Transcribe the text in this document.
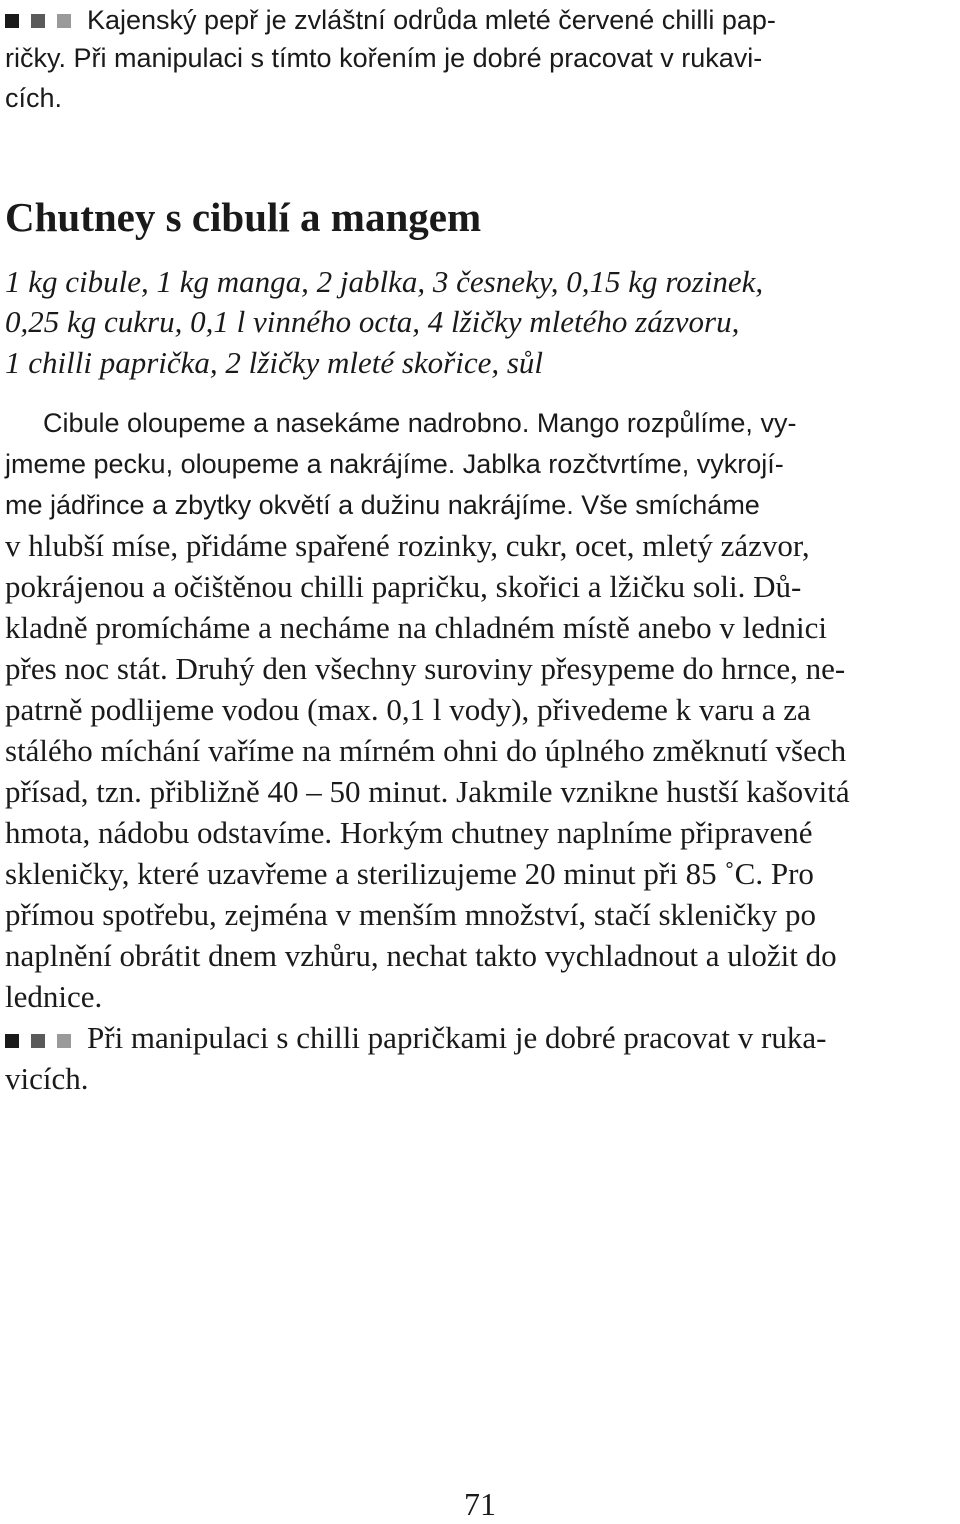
Kajenský pepř je zvláštní odrůda mleté červené chilli pap-
ričky. Při manipulaci s tímto kořením je dobré pracovat v rukavi-
cích.
Chutney s cibulí a mangem
1 kg cibule, 1 kg manga, 2 jablka, 3 česneky, 0,15 kg rozinek,
0,25 kg cukru, 0,1 l vinného octa, 4 lžičky mletého zázvoru,
1 chilli paprička, 2 lžičky mleté skořice, sůl
Cibule oloupeme a nasekáme nadrobno. Mango rozpůlíme, vy-
jmeme pecku, oloupeme a nakrájíme. Jablka rozčtvrtíme, vykrojí-
me jádřince a zbytky okvětí a dužinu nakrájíme. Vše smícháme
v hlubší míse, přidáme spařené rozinky, cukr, ocet, mletý zázvor,
pokrájenou a očištěnou chilli papričku, skořici a lžičku soli. Dů-
kladně promícháme a necháme na chladném místě anebo v lednici
přes noc stát. Druhý den všechny suroviny přesypeme do hrnce, ne-
patrně podlijeme vodou (max. 0,1 l vody), přivedeme k varu a za
stálého míchání vaříme na mírném ohni do úplného změknutí všech
přísad, tzn. přibližně 40 – 50 minut. Jakmile vznikne hustší kašovitá
hmota, nádobu odstavíme. Horkým chutney naplníme připravené
skleničky, které uzavřeme a sterilizujeme 20 minut při 85 ˚C. Pro
přímou spotřebu, zejména v menším množství, stačí skleničky po
naplnění obrátit dnem vzhůru, nechat takto vychladnout a uložit do
lednice.
Při manipulaci s chilli papričkami je dobré pracovat v ruka-
vicích.
71
